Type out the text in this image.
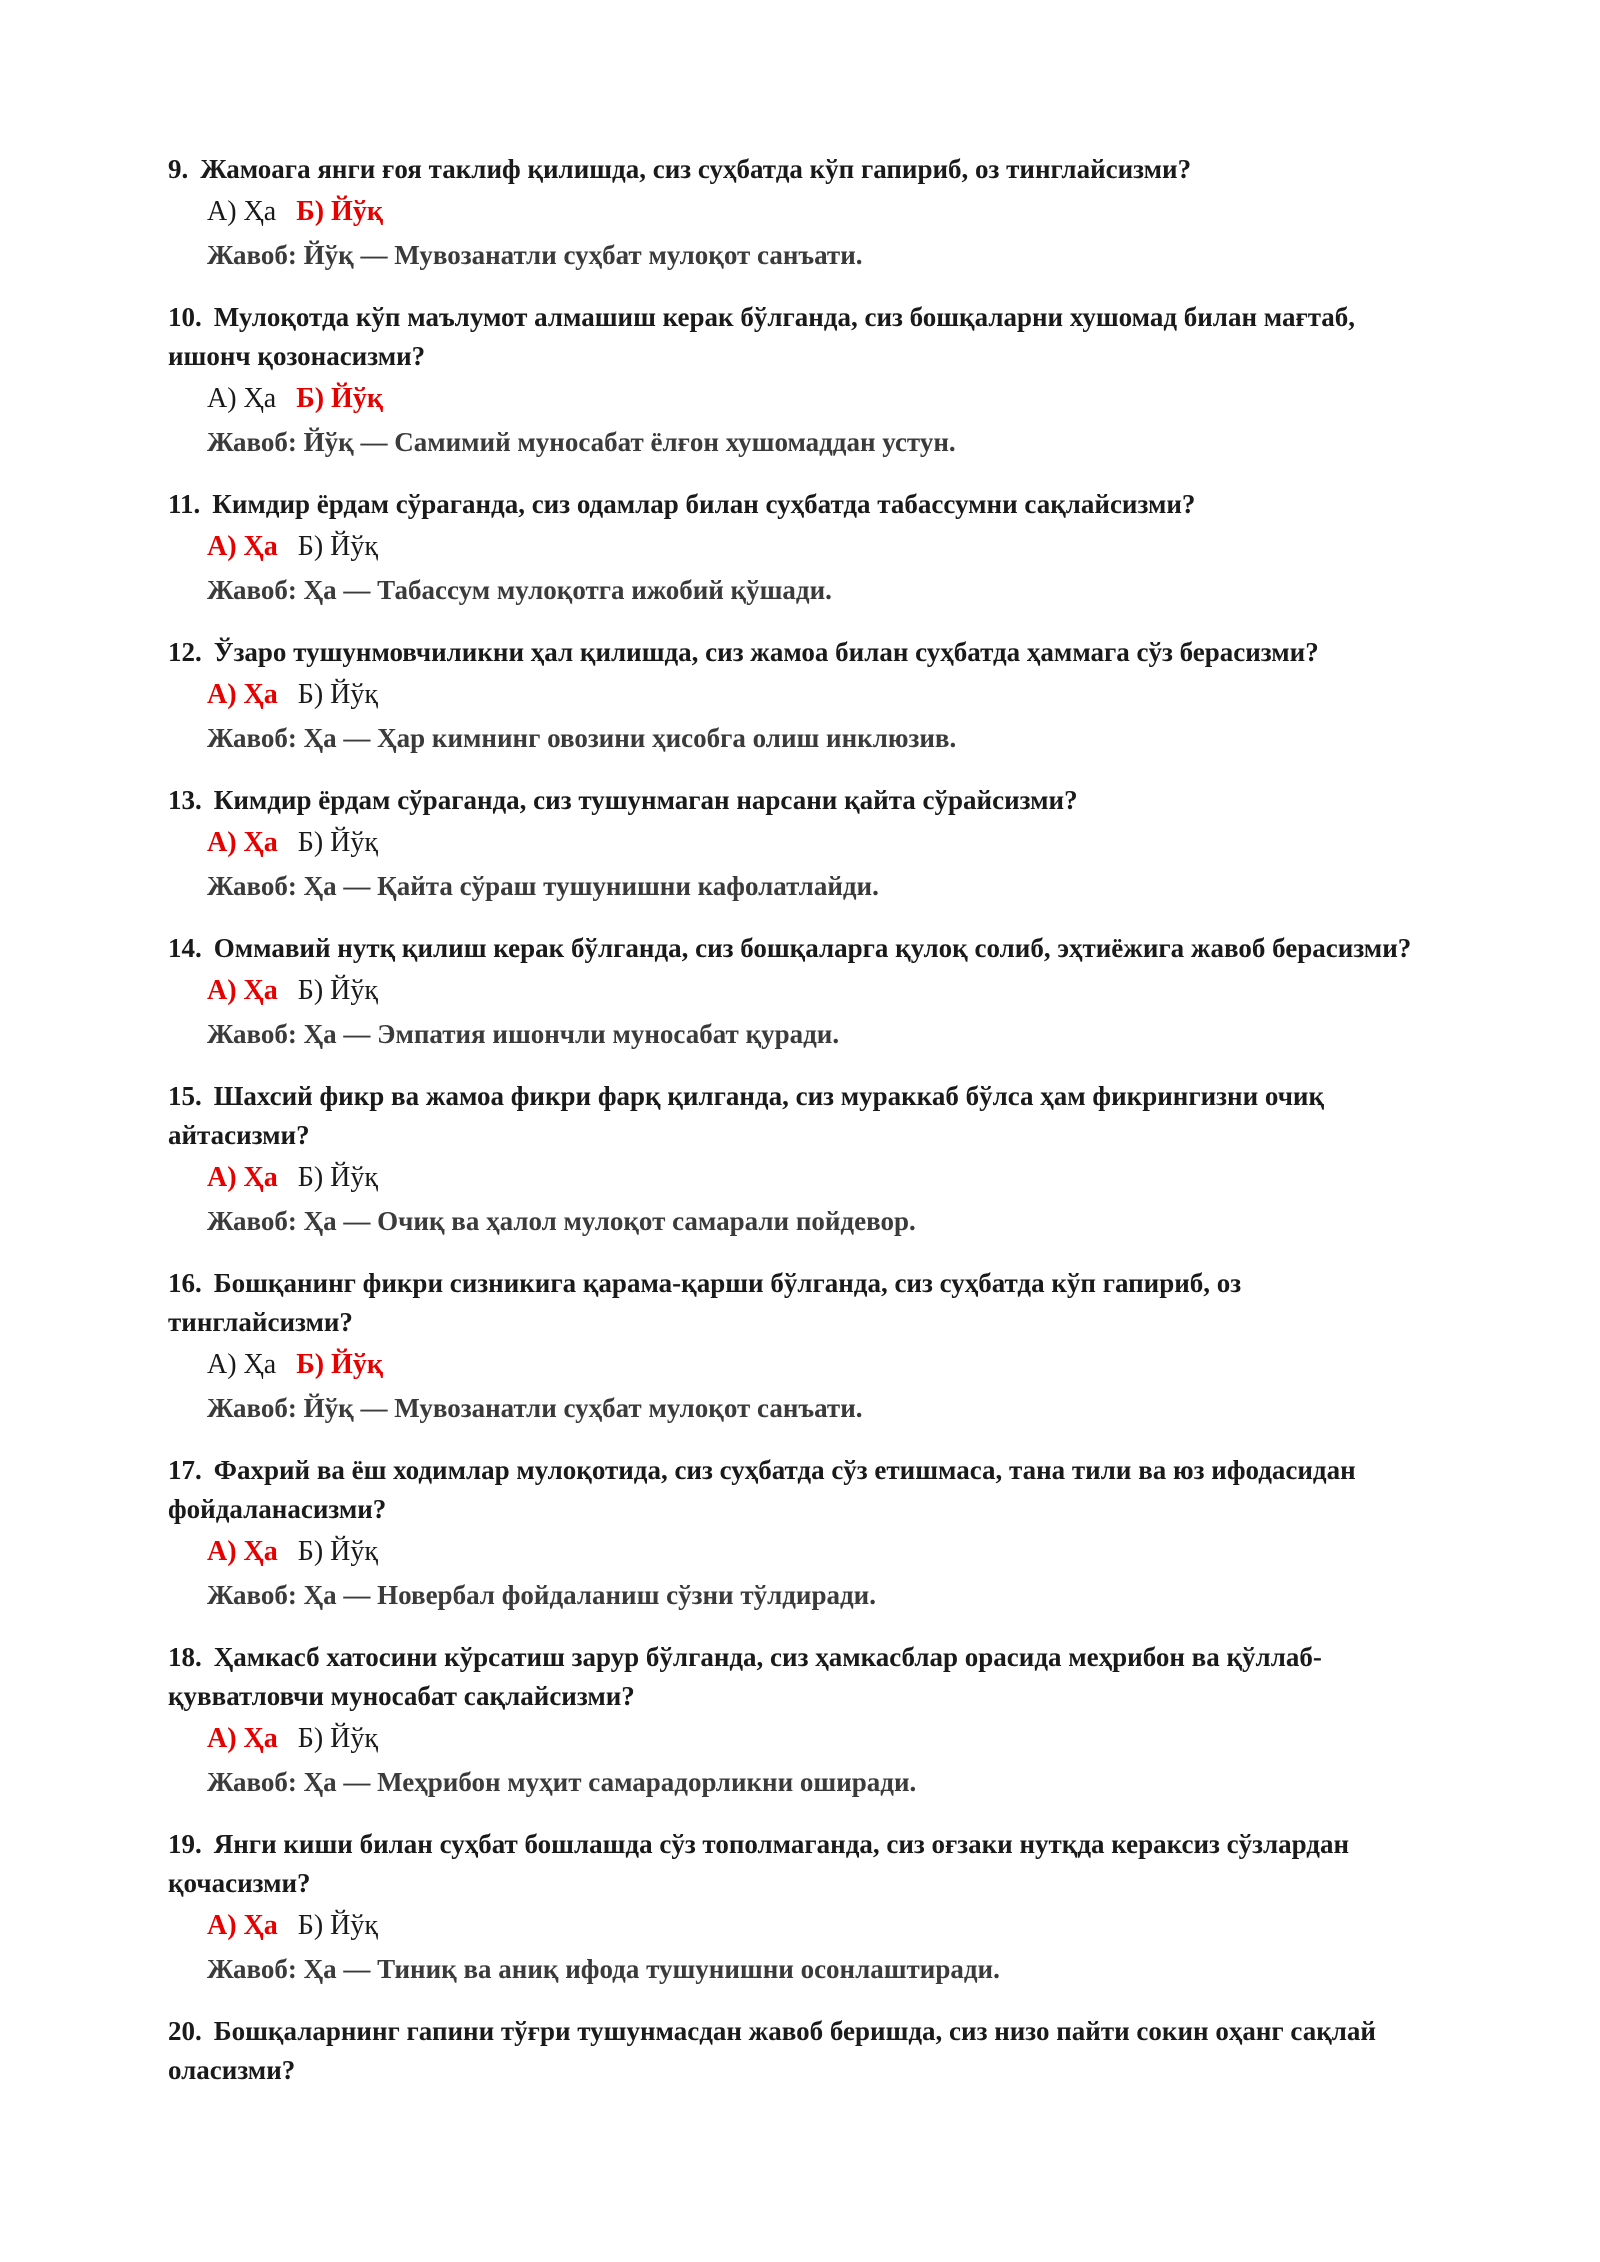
9. Жамоага янги ғоя таклиф қилишда, сиз суҳбатда кўп гапириб, оз тинглайсизми?

А) Ҳа Б) Йўқ

Жавоб: Йўқ — Мувозанатли суҳбат мулоқот санъати.

10. Мулоқотда кўп маълумот алмашиш керак бўлганда, сиз бошқаларни хушомад билан мағтаб, ишонч қозонасизми?

А) Ҳа Б) Йўқ

Жавоб: Йўқ — Самимий муносабат ёлғон хушомаддан устун.

11. Кимдир ёрдам сўраганда, сиз одамлар билан суҳбатда табассумни сақлайсизми?

А) Ҳа Б) Йўқ

Жавоб: Ҳа — Табассум мулоқотга ижобий қўшади.

12. Ўзаро тушунмовчиликни ҳал қилишда, сиз жамоа билан суҳбатда ҳаммага сўз берасизми?

А) Ҳа Б) Йўқ

Жавоб: Ҳа — Ҳар кимнинг овозини ҳисобга олиш инклюзив.

13. Кимдир ёрдам сўраганда, сиз тушунмаган нарсани қайта сўрайсизми?

А) Ҳа Б) Йўқ

Жавоб: Ҳа — Қайта сўраш тушунишни кафолатлайди.

14. Оммавий нутқ қилиш керак бўлганда, сиз бошқаларга қулоқ солиб, эҳтиёжига жавоб берасизми?

А) Ҳа Б) Йўқ

Жавоб: Ҳа — Эмпатия ишончли муносабат қуради.

15. Шахсий фикр ва жамоа фикри фарқ қилганда, сиз мураккаб бўлса ҳам фикрингизни очиқ айтасизми?

А) Ҳа Б) Йўқ

Жавоб: Ҳа — Очиқ ва ҳалол мулоқот самарали пойдевор.

16. Бошқанинг фикри сизникига қарама-қарши бўлганда, сиз суҳбатда кўп гапириб, оз тинглайсизми?

А) Ҳа Б) Йўқ

Жавоб: Йўқ — Мувозанатли суҳбат мулоқот санъати.

17. Фахрий ва ёш ходимлар мулоқотида, сиз суҳбатда сўз етишмаса, тана тили ва юз ифодасидан фойдаланасизми?

А) Ҳа Б) Йўқ

Жавоб: Ҳа — Новербал фойдаланиш сўзни тўлдиради.

18. Ҳамкасб хатосини кўрсатиш зарур бўлганда, сиз ҳамкасблар орасида меҳрибон ва қўллаб-қувватловчи муносабат сақлайсизми?

А) Ҳа Б) Йўқ

Жавоб: Ҳа — Меҳрибон муҳит самарадорликни оширади.

19. Янги киши билан суҳбат бошлашда сўз тополмаганда, сиз оғзаки нутқда кераксиз сўзлардан қочасизми?

А) Ҳа Б) Йўқ

Жавоб: Ҳа — Тиниқ ва аниқ ифода тушунишни осонлаштиради.

20. Бошқаларнинг гапини тўғри тушунмасдан жавоб беришда, сиз низо пайти сокин оҳанг сақлай оласизми?
